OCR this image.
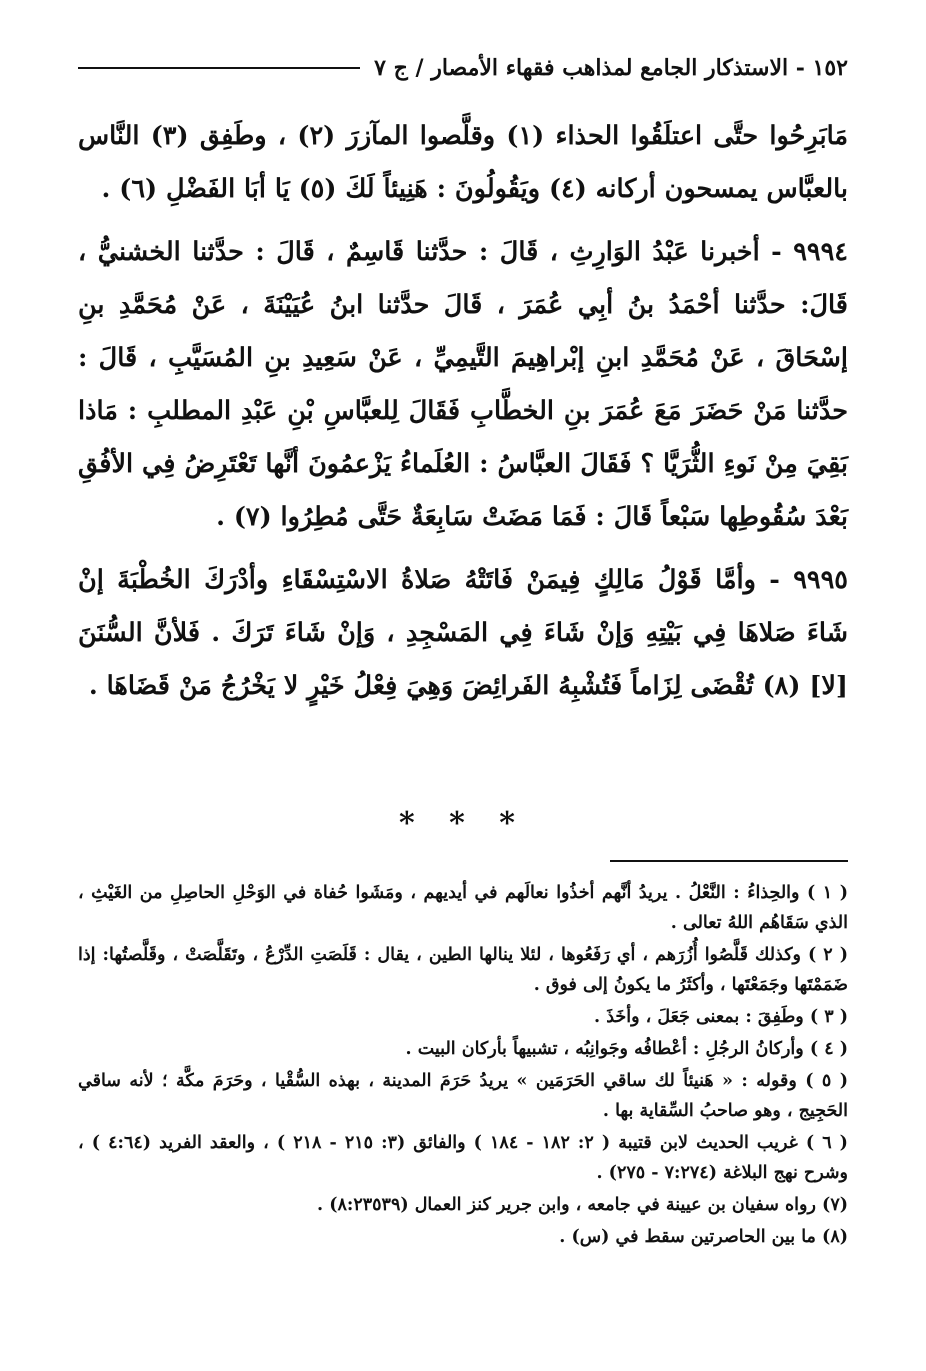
١٥٢ - الاستذكار الجامع لمذاهب فقهاء الأمصار / ج ٧

مَابَرِحُوا حتَّى اعتلَقُوا الحذاء (١) وقلَّصوا المآزرَ (٢) ، وطَفِق (٣) النَّاس بالعبَّاس يمسحون أركانه (٤) ويَقُولُونَ : هَنِيئاً لَكَ (٥) يَا أبَا الفَضْلِ (٦) .

٩٩٩٤ - أخبرنا عَبْدُ الوَارِثِ ، قَالَ : حدَّثنا قَاسِمٌ ، قَالَ : حدَّثنا الخشنيُّ ، قَالَ: حدَّثنا أحْمَدُ بنُ أبِي عُمَرَ ، قَالَ حدَّثنا ابنُ عُيَيْنَةَ ، عَنْ مُحَمَّدِ بنِ إسْحَاقَ ، عَنْ مُحَمَّدِ ابنِ إبْراهِيمَ التَّيمِيِّ ، عَنْ سَعِيدِ بنِ المُسَيَّبِ ، قَالَ : حدَّثنا مَنْ حَضَرَ مَعَ عُمَرَ بنِ الخطَّابِ فَقَالَ لِلعبَّاسِ بْنِ عَبْدِ المطلبِ : مَاذا بَقِيَ مِنْ نَوءِ الثُّرَيَّا ؟ فَقَالَ العبَّاسُ : العُلَماءُ يَزْعمُونَ أنَّها تَعْتَرِضُ فِي الأفُقِ بَعْدَ سُقُوطِها سَبْعاً قَالَ : فَمَا مَضَتْ سَابِعَةٌ حَتَّى مُطِرُوا (٧) .

٩٩٩٥ - وأمَّا قَوْلُ مَالِكٍ فِيمَنْ فَاتَتْهُ صَلاةُ الاسْتِسْقَاءِ وأدْرَكَ الخُطْبَةَ إنْ شَاءَ صَلاهَا فِي بَيْتِهِ وَإنْ شَاءَ فِي المَسْجِدِ ، وَإنْ شَاءَ تَرَكَ . فَلأنَّ السُّنَنَ [لا] (٨) تُقْضَى لِزَاماً فَتُشْبِهُ الفَرائِضَ وَهِيَ فِعْلُ خَيْرٍ لا يَخْرُجُ مَنْ قَضَاهَا .

* * *

( ١ ) والحِذاءُ : النَّعْلُ . يريدُ أنَّهم أخذُوا نعالَهم في أيديهم ، ومَشَوا حُفاة في الوَحْلِ الحاصِلِ من الغَيْثِ ، الذي سَقَاهُم اللهُ تعالى .

( ٢ ) وكذلك قَلَّصُوا أُزُرَهم ، أي رَفَعُوها ، لئلا ينالها الطين ، يقال : قَلَصَتِ الدِّرْعُ ، وتَقَلَّصَتْ ، وقَلَّصتُها: إذا ضَمَمْتَها وجَمَعْتَها ، وأكثَرُ ما يكونُ إلى فوق .

( ٣ ) وطَفِقَ : بمعنى جَعَلَ ، وأخَذَ .

( ٤ ) وأركانُ الرجُلِ : أعْطافُه وجَوانِبُه ، تشبيهاً بأركان البيت .

( ٥ ) وقوله : « هَنيئاً لك ساقي الحَرَمَين » يريدُ حَرَمَ المدينة ، بهذه السُّقْيا ، وحَرَمَ مكَّة ؛ لأنه ساقي الحَجِيج ، وهو صاحبُ السِّقاية بها .

( ٦ ) غريب الحديث لابن قتيبة ( ٢: ١٨٢ - ١٨٤ ) والفائق (٣: ٢١٥ - ٢١٨ ) ، والعقد الفريد (٤:٦٤ ) ، وشرح نهج البلاغة (٧:٢٧٤ - ٢٧٥) .

(٧) رواه سفيان بن عيينة في جامعه ، وابن جرير كنز العمال (٨:٢٣٥٣٩) .

(٨) ما بين الحاصرتين سقط في (س) .
